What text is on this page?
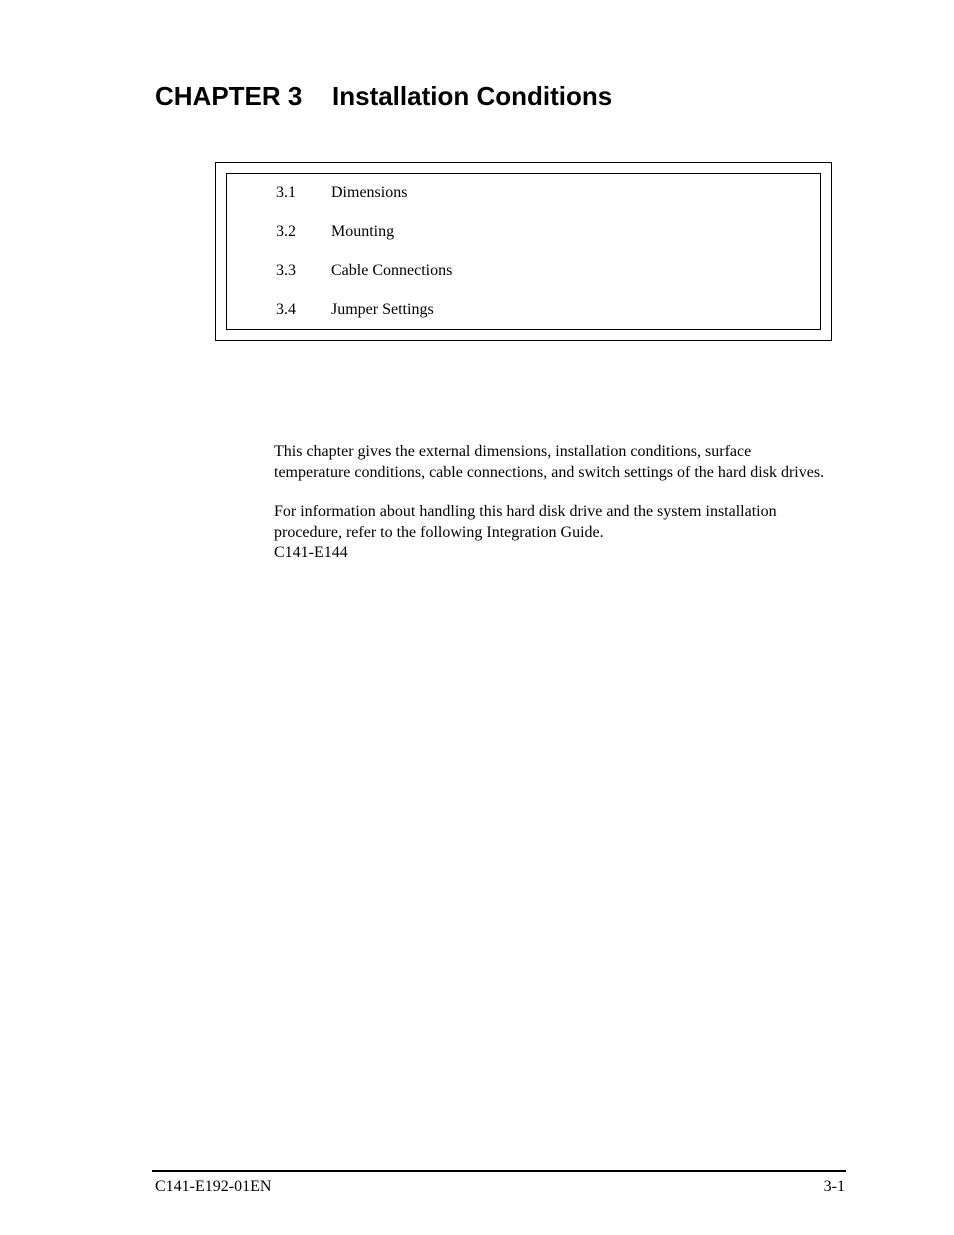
CHAPTER 3 Installation Conditions
3.1 Dimensions
3.2 Mounting
3.3 Cable Connections
3.4 Jumper Settings

This chapter gives the external dimensions, installation conditions, surface temperature conditions, cable connections, and switch settings of the hard disk drives.

For information about handling this hard disk drive and the system installation procedure, refer to the following Integration Guide.
C141-E144

C141-E192-01EN	3-1
